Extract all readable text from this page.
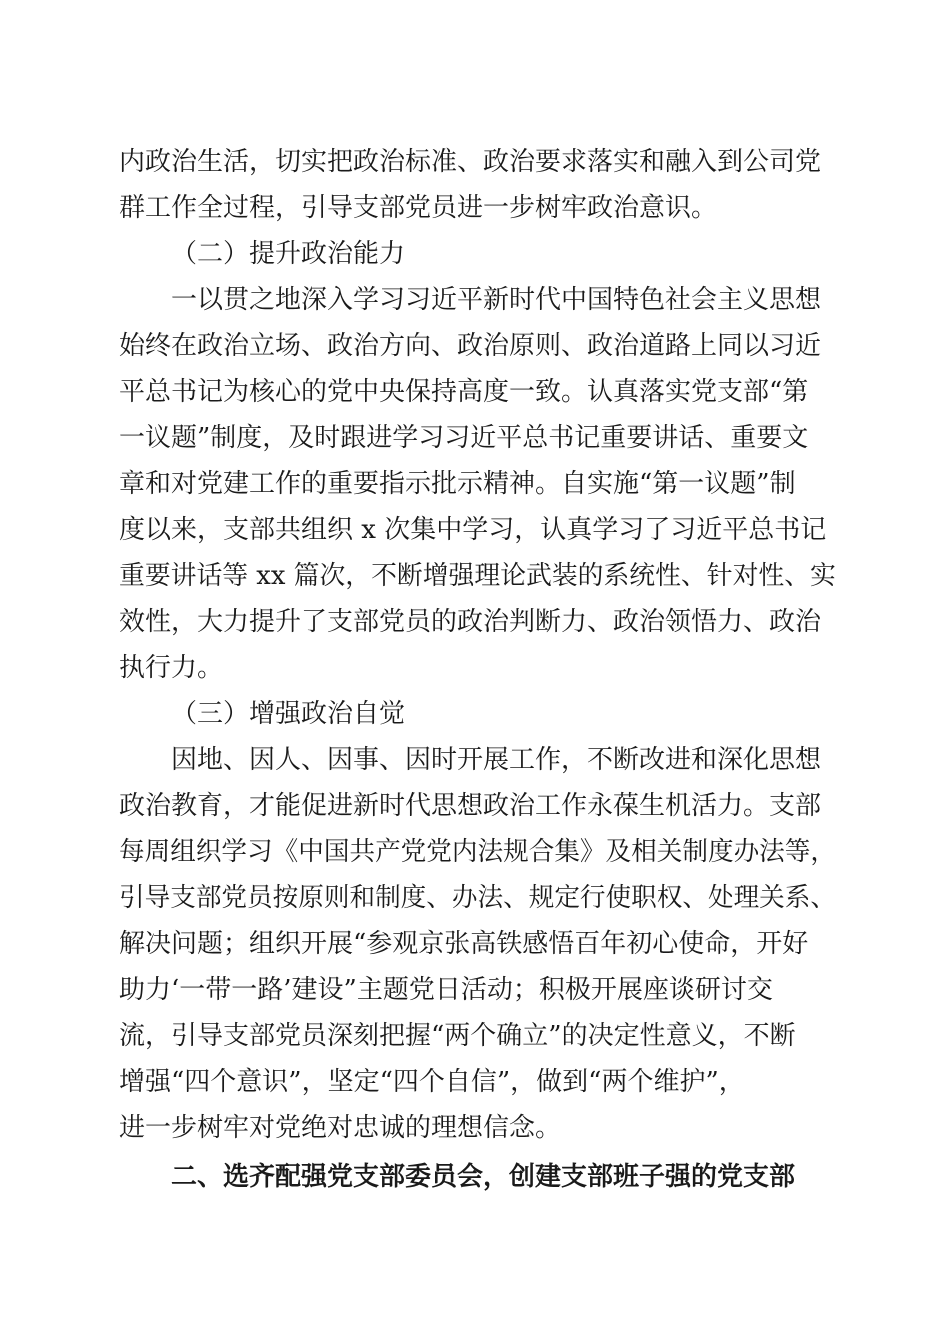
内政治生活，切实把政治标准、政治要求落实和融入到公司党
群工作全过程，引导支部党员进一步树牢政治意识。
（二）提升政治能力
一以贯之地深入学习习近平新时代中国特色社会主义思想
始终在政治立场、政治方向、政治原则、政治道路上同以习近
平总书记为核心的党中央保持高度一致。认真落实党支部“第
一议题”制度，及时跟进学习习近平总书记重要讲话、重要文
章和对党建工作的重要指示批示精神。自实施“第一议题”制
度以来，支部共组织 x 次集中学习，认真学习了习近平总书记
重要讲话等 xx 篇次，不断增强理论武装的系统性、针对性、实
效性，大力提升了支部党员的政治判断力、政治领悟力、政治
执行力。
（三）增强政治自觉
因地、因人、因事、因时开展工作，不断改进和深化思想
政治教育，才能促进新时代思想政治工作永葆生机活力。支部
每周组织学习《中国共产党党内法规合集》及相关制度办法等，
引导支部党员按原则和制度、办法、规定行使职权、处理关系、
解决问题；组织开展“参观京张高铁感悟百年初心使命，开好
助力‘一带一路’建设”主题党日活动；积极开展座谈研讨交
流，引导支部党员深刻把握“两个确立”的决定性意义，不断
增强“四个意识”，坚定“四个自信”，做到“两个维护”，
进一步树牢对党绝对忠诚的理想信念。
二、选齐配强党支部委员会，创建支部班子强的党支部
